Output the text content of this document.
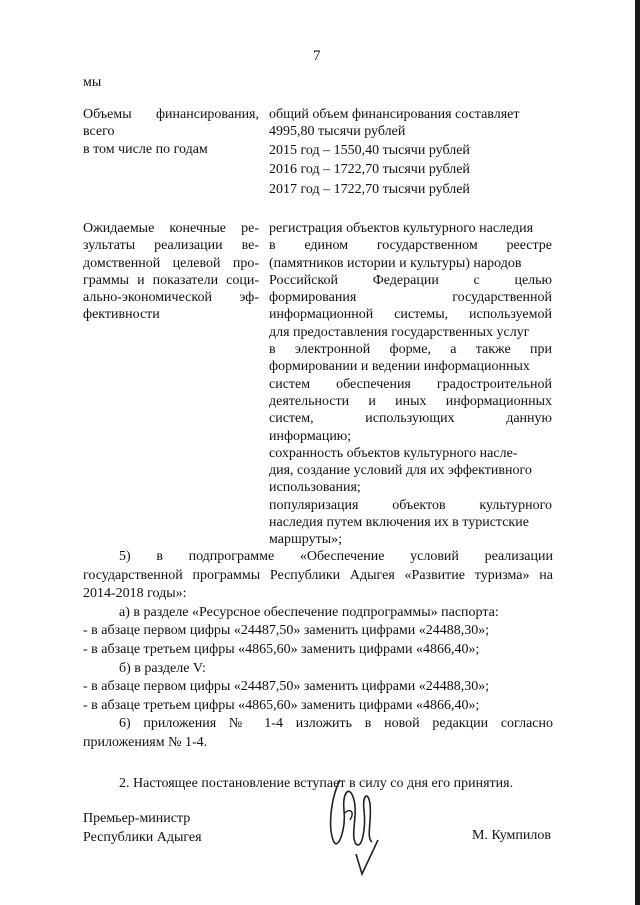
7
мы
Объемы финансирования,
всего
в том числе по годам
общий объем финансирования составляет
4995,80 тысячи рублей
2015 год – 1550,40 тысячи рублей
2016 год – 1722,70 тысячи рублей
2017 год – 1722,70 тысячи рублей
Ожидаемые конечные ре-
зультаты реализации ве-
домственной целевой про-
граммы и показатели соци-
ально-экономической эф-
фективности
регистрация объектов культурного наследия
в едином государственном реестре
(памятников истории и культуры) народов
Российской Федерации с целью
формирования государственной
информационной системы, используемой
для предоставления государственных услуг
в электронной форме, а также при
формировании и ведении информационных
систем обеспечения градостроительной
деятельности и иных информационных
систем, использующих данную
информацию;
сохранность объектов культурного насле-
дия, создание условий для их эффективного
использования;
популяризация объектов культурного
наследия путем включения их в туристские
маршруты»;
5) в подпрограмме «Обеспечение условий реализации
государственной программы Республики Адыгея «Развитие туризма» на
2014-2018 годы»:
а) в разделе «Ресурсное обеспечение подпрограммы» паспорта:
- в абзаце первом цифры «24487,50» заменить цифрами «24488,30»;
- в абзаце третьем цифры «4865,60» заменить цифрами «4866,40»;
б) в разделе V:
- в абзаце первом цифры «24487,50» заменить цифрами «24488,30»;
- в абзаце третьем цифры «4865,60» заменить цифрами «4866,40»;
6) приложения № 1-4 изложить в новой редакции согласно
приложениям № 1-4.
2. Настоящее постановление вступает в силу со дня его принятия.
Премьер-министр
Республики Адыгея	М. Кумпилов
